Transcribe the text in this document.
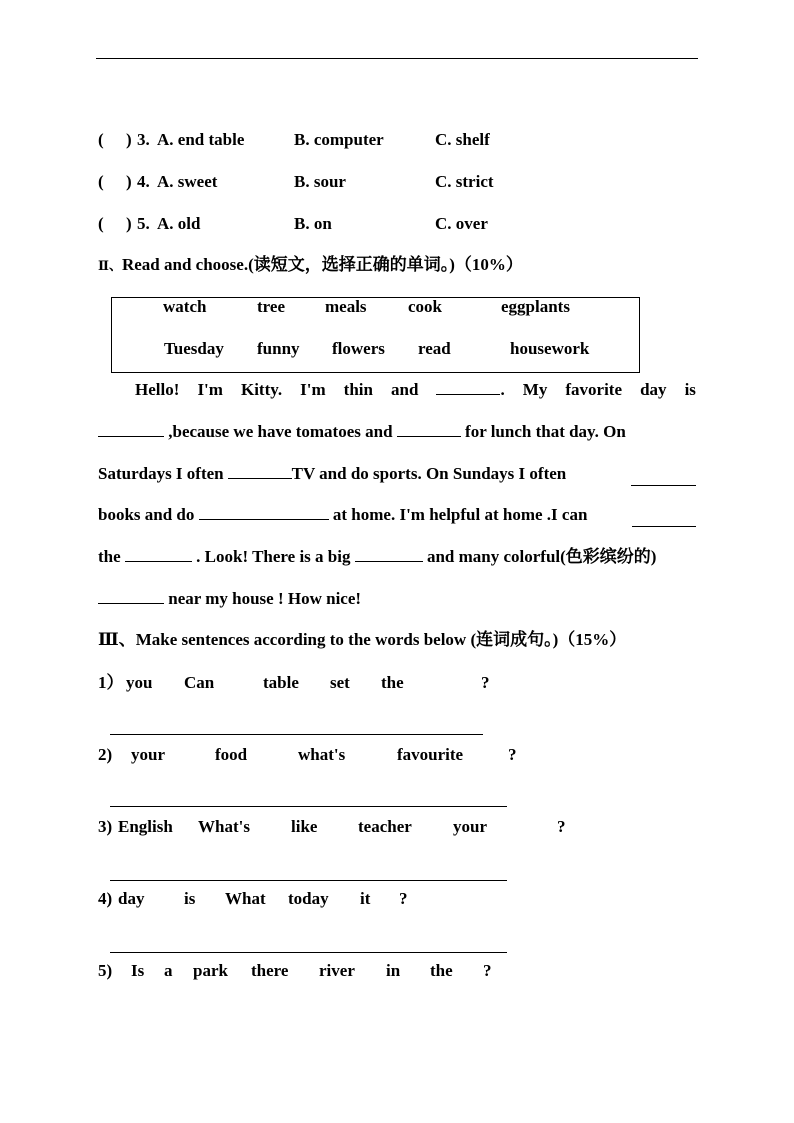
( ) 3. A. end table	B. computer	C. shelf
( ) 4. A. sweet	B. sour	C. strict
( ) 5. A. old	B. on	C. over
Ⅱ、Read and choose.(读短文，选择正确的单词。)（10%）
watch	tree meals cook	eggplants
Tuesday funny flowers read	housework
Hello! I'm Kitty. I'm thin and	. My favorite day is
,because we have tomatoes and	for lunch that day. On
Saturdays I often	TV and do sports. On Sundays I often
books and do	at home. I'm helpful at home .I can
the	. Look! There is a big	and many colorful(色彩缤纷的)
near my house ! How nice!
Ⅲ、Make sentences according to the words below (连词成句。)（15%）
1） you Can	table set the	?
2) your	food	what's	favourite	?
3) English What's like teacher your	?
4) day is What today it ?
5) Is a park there river in the ?
